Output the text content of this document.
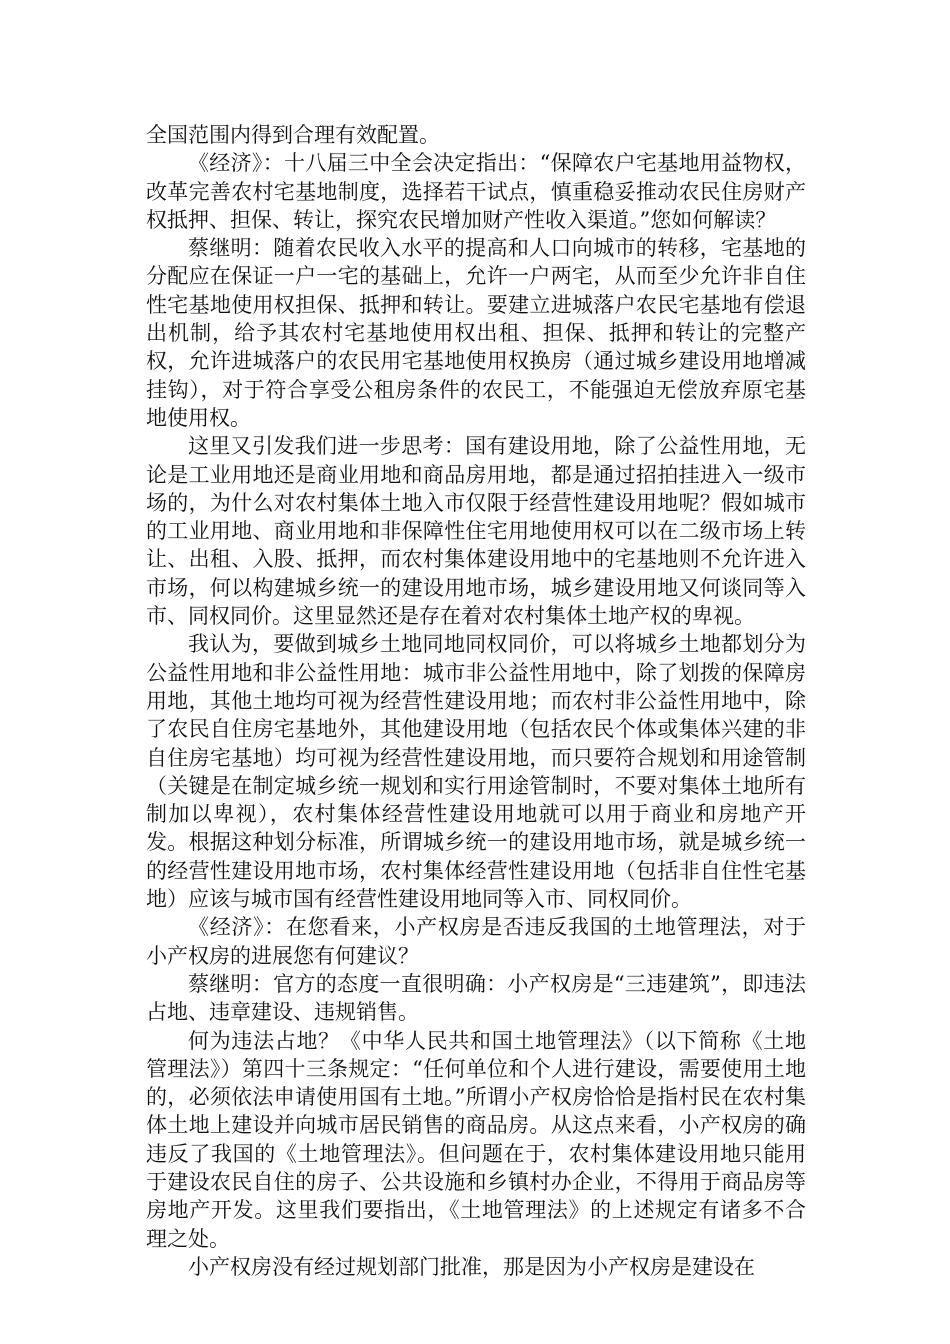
全国范围内得到合理有效配置。

《经济》：十八届三中全会决定指出：“保障农户宅基地用益物权，改革完善农村宅基地制度，选择若干试点，慎重稳妥推动农民住房财产权抵押、担保、转让，探究农民增加财产性收入渠道。”您如何解读？

蔡继明：随着农民收入水平的提高和人口向城市的转移，宅基地的分配应在保证一户一宅的基础上，允许一户两宅，从而至少允许非自住性宅基地使用权担保、抵押和转让。要建立进城落户农民宅基地有偿退出机制，给予其农村宅基地使用权出租、担保、抵押和转让的完整产权，允许进城落户的农民用宅基地使用权换房（通过城乡建设用地增减挂钩），对于符合享受公租房条件的农民工，不能强迫无偿放弃原宅基地使用权。

这里又引发我们进一步思考：国有建设用地，除了公益性用地，无论是工业用地还是商业用地和商品房用地，都是通过招拍挂进入一级市场的，为什么对农村集体土地入市仅限于经营性建设用地呢？假如城市的工业用地、商业用地和非保障性住宅用地使用权可以在二级市场上转让、出租、入股、抵押，而农村集体建设用地中的宅基地则不允许进入市场，何以构建城乡统一的建设用地市场，城乡建设用地又何谈同等入市、同权同价。这里显然还是存在着对农村集体土地产权的卑视。

我认为，要做到城乡土地同地同权同价，可以将城乡土地都划分为公益性用地和非公益性用地：城市非公益性用地中，除了划拨的保障房用地，其他土地均可视为经营性建设用地；而农村非公益性用地中，除了农民自住房宅基地外，其他建设用地（包括农民个体或集体兴建的非自住房宅基地）均可视为经营性建设用地，而只要符合规划和用途管制（关键是在制定城乡统一规划和实行用途管制时，不要对集体土地所有制加以卑视），农村集体经营性建设用地就可以用于商业和房地产开发。根据这种划分标准，所谓城乡统一的建设用地市场，就是城乡统一的经营性建设用地市场，农村集体经营性建设用地（包括非自住性宅基地）应该与城市国有经营性建设用地同等入市、同权同价。

《经济》：在您看来，小产权房是否违反我国的土地管理法，对于小产权房的进展您有何建议？

蔡继明：官方的态度一直很明确：小产权房是“三违建筑”，即违法占地、违章建设、违规销售。

何为违法占地？《中华人民共和国土地管理法》（以下简称《土地管理法》）第四十三条规定：“任何单位和个人进行建设，需要使用土地的，必须依法申请使用国有土地。”所谓小产权房恰恰是指村民在农村集体土地上建设并向城市居民销售的商品房。从这点来看，小产权房的确违反了我国的《土地管理法》。但问题在于，农村集体建设用地只能用于建设农民自住的房子、公共设施和乡镇村办企业，不得用于商品房等房地产开发。这里我们要指出，《土地管理法》的上述规定有诸多不合理之处。

小产权房没有经过规划部门批准，那是因为小产权房是建设在
